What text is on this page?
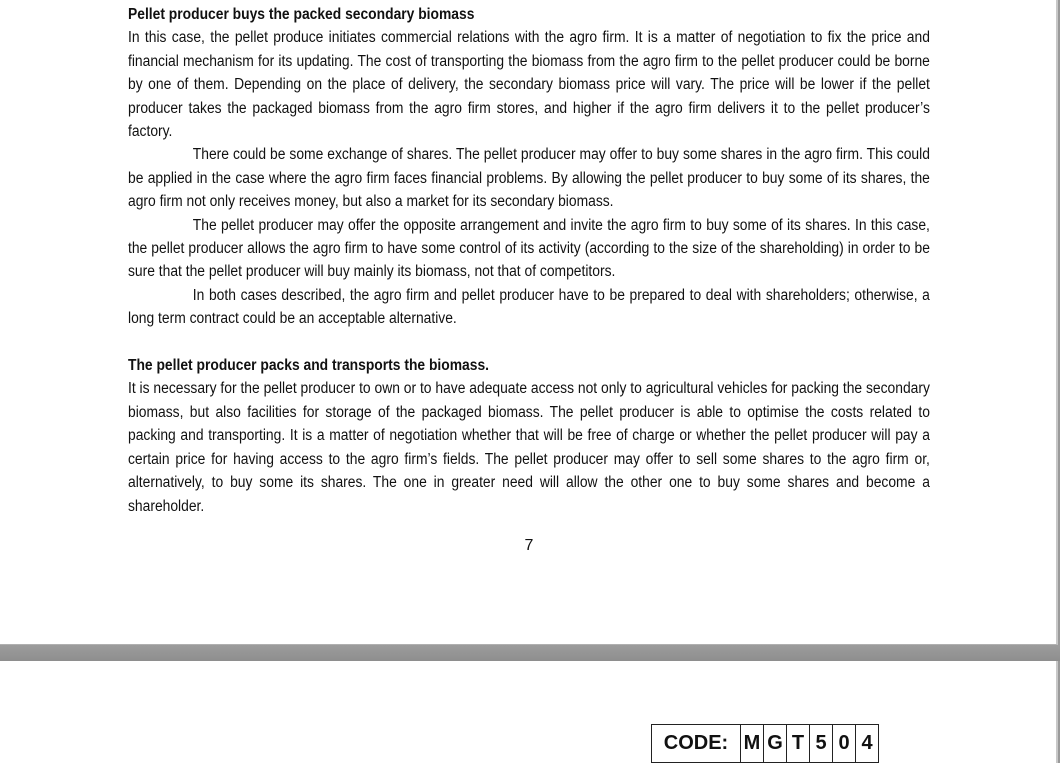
Pellet producer buys the packed secondary biomass

In this case, the pellet produce initiates commercial relations with the agro firm. It is a matter of negotiation to fix the price and financial mechanism for its updating. The cost of transporting the biomass from the agro firm to the pellet producer could be borne by one of them. Depending on the place of delivery, the secondary biomass price will vary. The price will be lower if the pellet producer takes the packaged biomass from the agro firm stores, and higher if the agro firm delivers it to the pellet producer’s factory.

There could be some exchange of shares. The pellet producer may offer to buy some shares in the agro firm. This could be applied in the case where the agro firm faces financial problems. By allowing the pellet producer to buy some of its shares, the agro firm not only receives money, but also a market for its secondary biomass.

The pellet producer may offer the opposite arrangement and invite the agro firm to buy some of its shares. In this case, the pellet producer allows the agro firm to have some control of its activity (according to the size of the shareholding) in order to be sure that the pellet producer will buy mainly its biomass, not that of competitors.

In both cases described, the agro firm and pellet producer have to be prepared to deal with shareholders; otherwise, a long term contract could be an acceptable alternative.

The pellet producer packs and transports the biomass.

It is necessary for the pellet producer to own or to have adequate access not only to agricultural vehicles for packing the secondary biomass, but also facilities for storage of the packaged biomass. The pellet producer is able to optimise the costs related to packing and transporting. It is a matter of negotiation whether that will be free of charge or whether the pellet producer will pay a certain price for having access to the agro firm’s fields. The pellet producer may offer to sell some shares to the agro firm or, alternatively, to buy some its shares. The one in greater need will allow the other one to buy some shares and become a shareholder.

7
CODE: M G T 5 0 4
